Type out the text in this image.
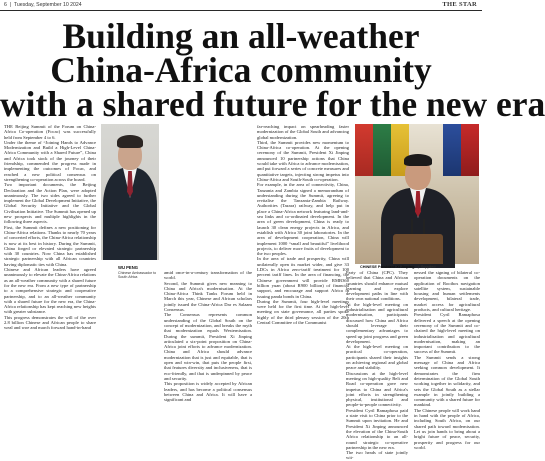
6  |  Tuesday, September 10 2024	THE STAR
Building an all-weather
China-Africa community
with a shared future for the new era

THE Beijing Summit of the Forum on China-Africa Co-operation (Focac) was successfully held from September 4 to 6.

Under the theme of “Joining Hands to Advance Modernization and Build a High-Level China-Africa Community with a Shared Future”, China and Africa took stock of the journey of their friendship, commended the progress made in implementing the outcomes of Focac, and reached a new political consensus on strengthening co-operation across the board.

Two important documents, the Beijing Declaration and the Action Plan, were adopted unanimously. The two sides agreed to further implement the Global Development Initiative, the Global Security Initiative and the Global Civilisation Initiative. The Summit has opened up new prospects and multiple highlights in the following three aspects.

First, the Summit defines a new positioning for China-Africa relations. Thanks to nearly 70 years of concerted efforts, the China-Africa relationship is now at its best in history. During the Summit, China forged or elevated strategic partnership with 30 countries. Now China has established strategic partnership with all African countries having diplomatic ties with China.

Chinese and African leaders have agreed unanimously to elevate the China-Africa relations as an all-weather community with a shared future for the new era. From a new type of partnership to a comprehensive strategic and cooperative partnership, and to an all-weather community with a shared future for the new era, the China-Africa relationship has kept reaching new heights with greater substance.

This progress demonstrates the will of the over 2.8 billion Chinese and African people to share weal and woe and march forward hand-in-hand

WU PENG
Chinese Ambassador to South Africa

amid once-in-a-century transformation of the world.

Second, the Summit gives new meaning to China and Africa's modernisation. At the China-Africa Think Tanks Forum held in March this year, Chinese and African scholars jointly issued the China-Africa Dar es Salaam Consensus.

The Consensus represents common understanding of the Global South on the concept of modernization, and breaks the myth that modernization equals Westernisation. During the summit, President Xi Jinping articulated a six-point proposition on China-Africa joint efforts to advance modernization. China and Africa should advance modernization that is just and equitable, that is open and win-win, that puts the people first, that features diversity and inclusiveness, that is eco-friendly, and that is underpinned by peace and security.

This proposition is widely accepted by African leaders, and has become a political consensus between China and Africa. It will have a significant and

far-reaching impact on spearheading faster modernization of the Global South and advancing global modernization.

Third, the Summit provides new momentum to China-Africa co-operation. At the opening ceremony of the Summit, President Xi Jinping announced 10 partnership actions that China would take with Africa to advance modernisation, and put forward a series of concrete measures and quantitative targets, injecting strong impetus into China-Africa and South-South co-operation.

For example, in the area of connectivity, China, Tanzania and Zambia signed a memorandum of understanding during the Summit, agreeing to revitalise the Tanzania-Zambia Railway. Authorities (Tazara) railway, and help put in place a China-Africa network featuring land-and-sea links and co-ordinated development. In the area of green development, China is ready to launch 30 clean energy projects in Africa, and establish with Africa 30 joint laboratories. In the area of development cooperation, China will implement 1000 “small and beautiful” livelihood projects, to deliver more fruits of development to the two peoples.

In the area of trade and prosperity, China will unilaterally open its market wider, and give 33 LDCs in Africa zero-tariff treatment for 100 percent tariff lines. In the area of financing, the Chinese government will provide RMB360 billion yuan (about R900 billion) of financial support, and encourage and support Africa in issuing panda bonds in China.

During the Summit, four high-level meetings were held for the first time. At the high-level meeting on state governance, all parties spoke highly of the third plenary session of the 20th Central Committee of the Communist

CHINESE President Xi Jinping.  |  Supplied

Party of China (CPC). They believed that China and African countries should enhance mutual learning and explore development paths in line with their own national conditions.

At the high-level meeting on industrialisation and agricultural modernisation, participants discussed how China and Africa should leverage their complementary advantages to speed up joint progress and green development.

At the high-level meeting on practical co-operation, participants shared their insights on achieving regional and global peace and stability.

Discussions at the high-level meeting on high-quality Belt and Road co-operation gave new impetus to China and Africa's joint efforts in strengthening physical, institutional and people-to-people connectivity.

President Cyril Ramaphosa paid a state visit to China prior to the Summit upon invitation. He and President Xi Jinping announced the elevation of the China-South Africa relationship to an all-round strategic co-operative partnership in the new era.

The two heads of state jointly wit-

nessed the signing of bilateral co-operation documents on the application of Rooibos navigation satellite system, sustainable housing and human settlements development, bilateral trade, market access for agricultural products, and cultural heritage.

President Cyril Ramaphosa delivered a speech at the opening ceremony of the Summit and co-chaired the high-level meeting on industrialisation and agricultural modernisation, making an important contribution to the success of the Summit.

The Summit sends a strong message of China and Africa seeking common development. It demonstrates the firm determination of the Global South working together in solidarity, and sets the Global South as a stellar example in jointly building a community with a shared future for mankind.

The Chinese people will work hand in hand with the people of Africa, including South Africa, on our shared path toward modernisation. Let us join hands to bring about a bright future of peace, security, prosperity and progress for our world.
